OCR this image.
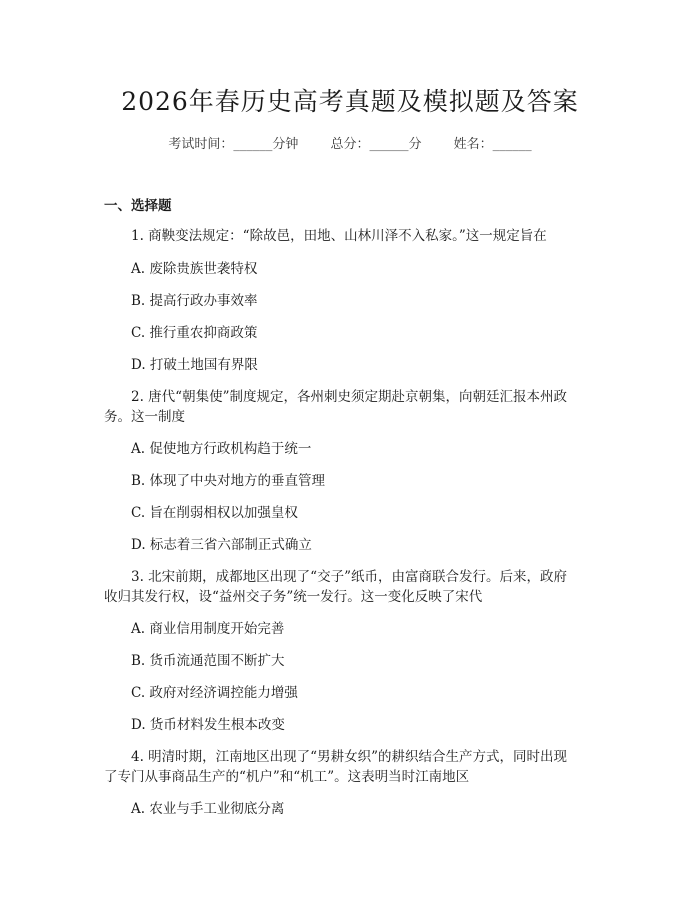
2026年春历史高考真题及模拟题及答案
考试时间：______分钟 总分：______分 姓名：______
一、选择题
1. 商鞅变法规定：“除故邑，田地、山林川泽不入私家。”这一规定旨在
A. 废除贵族世袭特权
B. 提高行政办事效率
C. 推行重农抑商政策
D. 打破土地国有界限
2. 唐代“朝集使”制度规定，各州刺史须定期赴京朝集，向朝廷汇报本州政
务。这一制度
A. 促使地方行政机构趋于统一
B. 体现了中央对地方的垂直管理
C. 旨在削弱相权以加强皇权
D. 标志着三省六部制正式确立
3. 北宋前期，成都地区出现了“交子”纸币，由富商联合发行。后来，政府
收归其发行权，设“益州交子务”统一发行。这一变化反映了宋代
A. 商业信用制度开始完善
B. 货币流通范围不断扩大
C. 政府对经济调控能力增强
D. 货币材料发生根本改变
4. 明清时期，江南地区出现了“男耕女织”的耕织结合生产方式，同时出现
了专门从事商品生产的“机户”和“机工”。这表明当时江南地区
A. 农业与手工业彻底分离
